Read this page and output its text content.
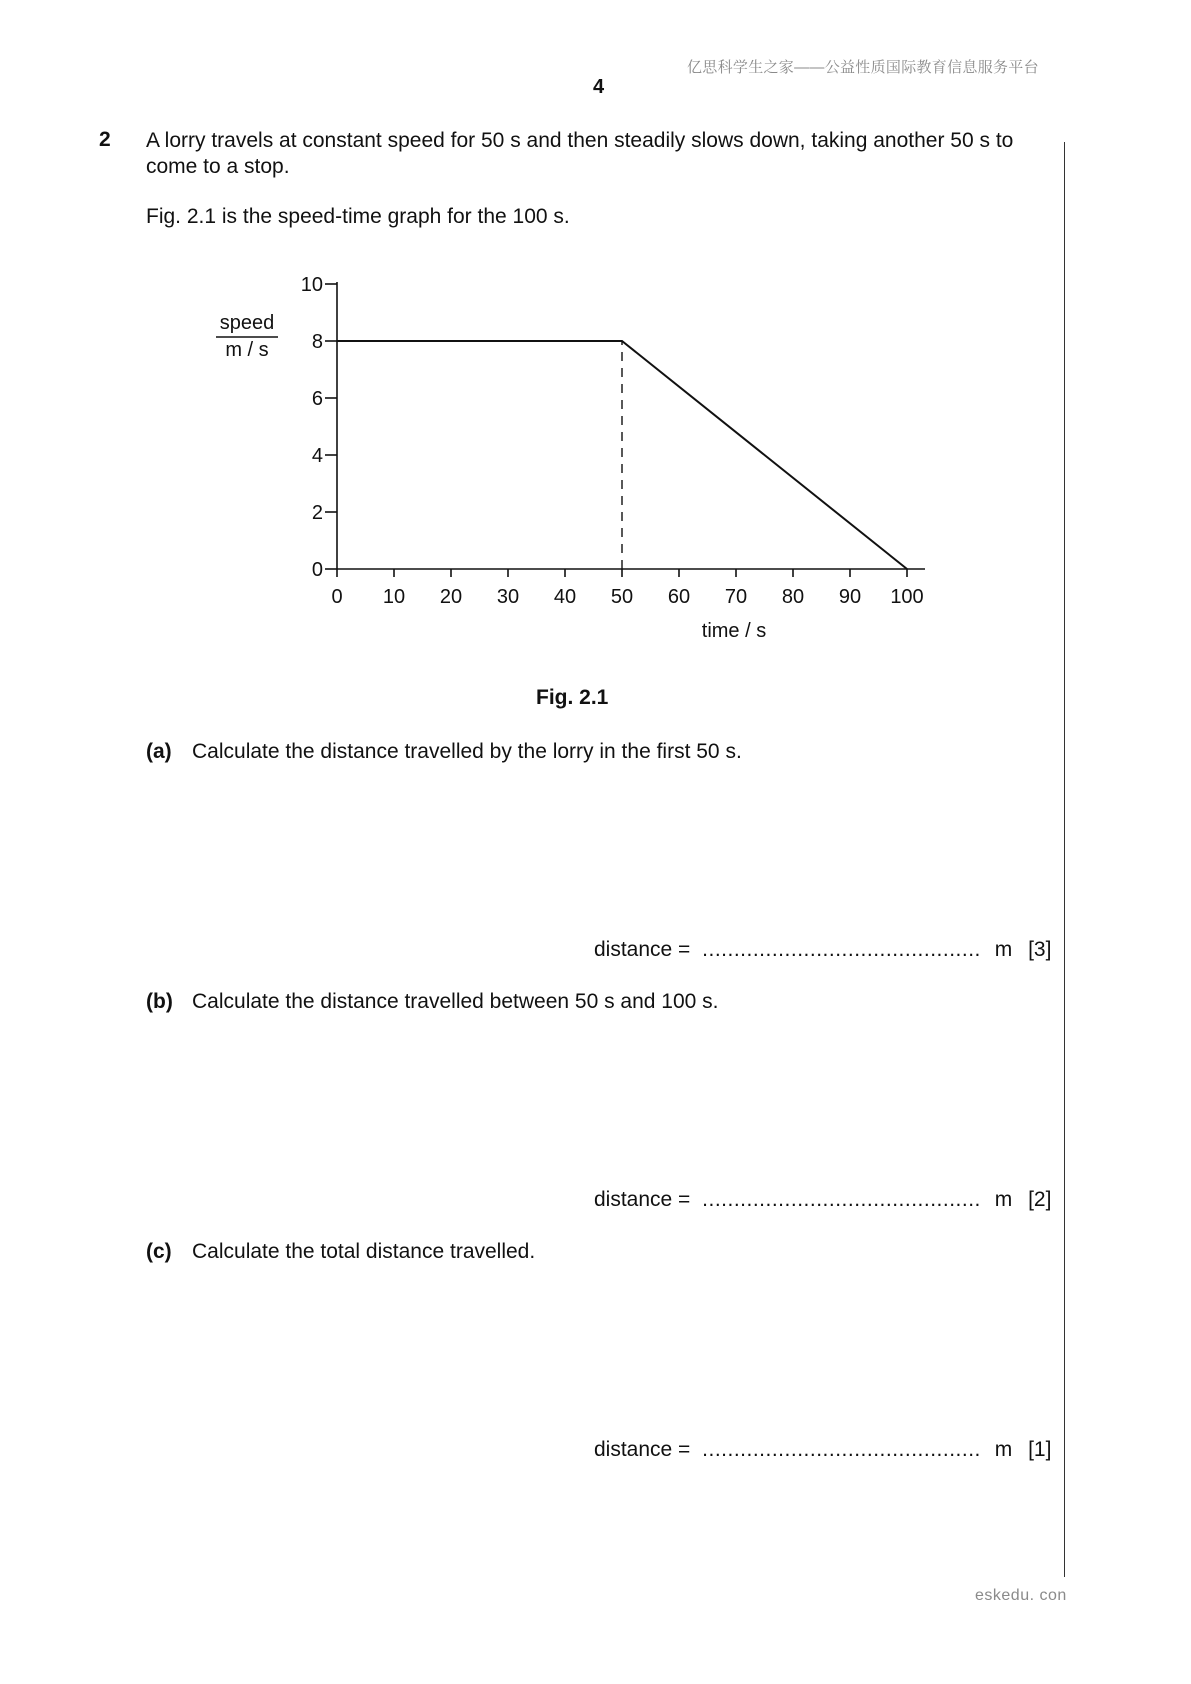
亿思科学生之家——公益性质国际教育信息服务平台
4
2 A lorry travels at constant speed for 50 s and then steadily slows down, taking another 50 s to
come to a stop.
Fig. 2.1 is the speed-time graph for the 100 s.
speed
m / s
time / s
0 10 20 30 40 50 60 70 80 90 100
0
2
4
6
8
10
Fig. 2.1
(a) Calculate the distance travelled by the lorry in the first 50 s.
distance = ............................................ m [3]
(b) Calculate the distance travelled between 50 s and 100 s.
distance = ............................................ m [2]
(c) Calculate the total distance travelled.
distance = ............................................ m [1]
eskedu. con
